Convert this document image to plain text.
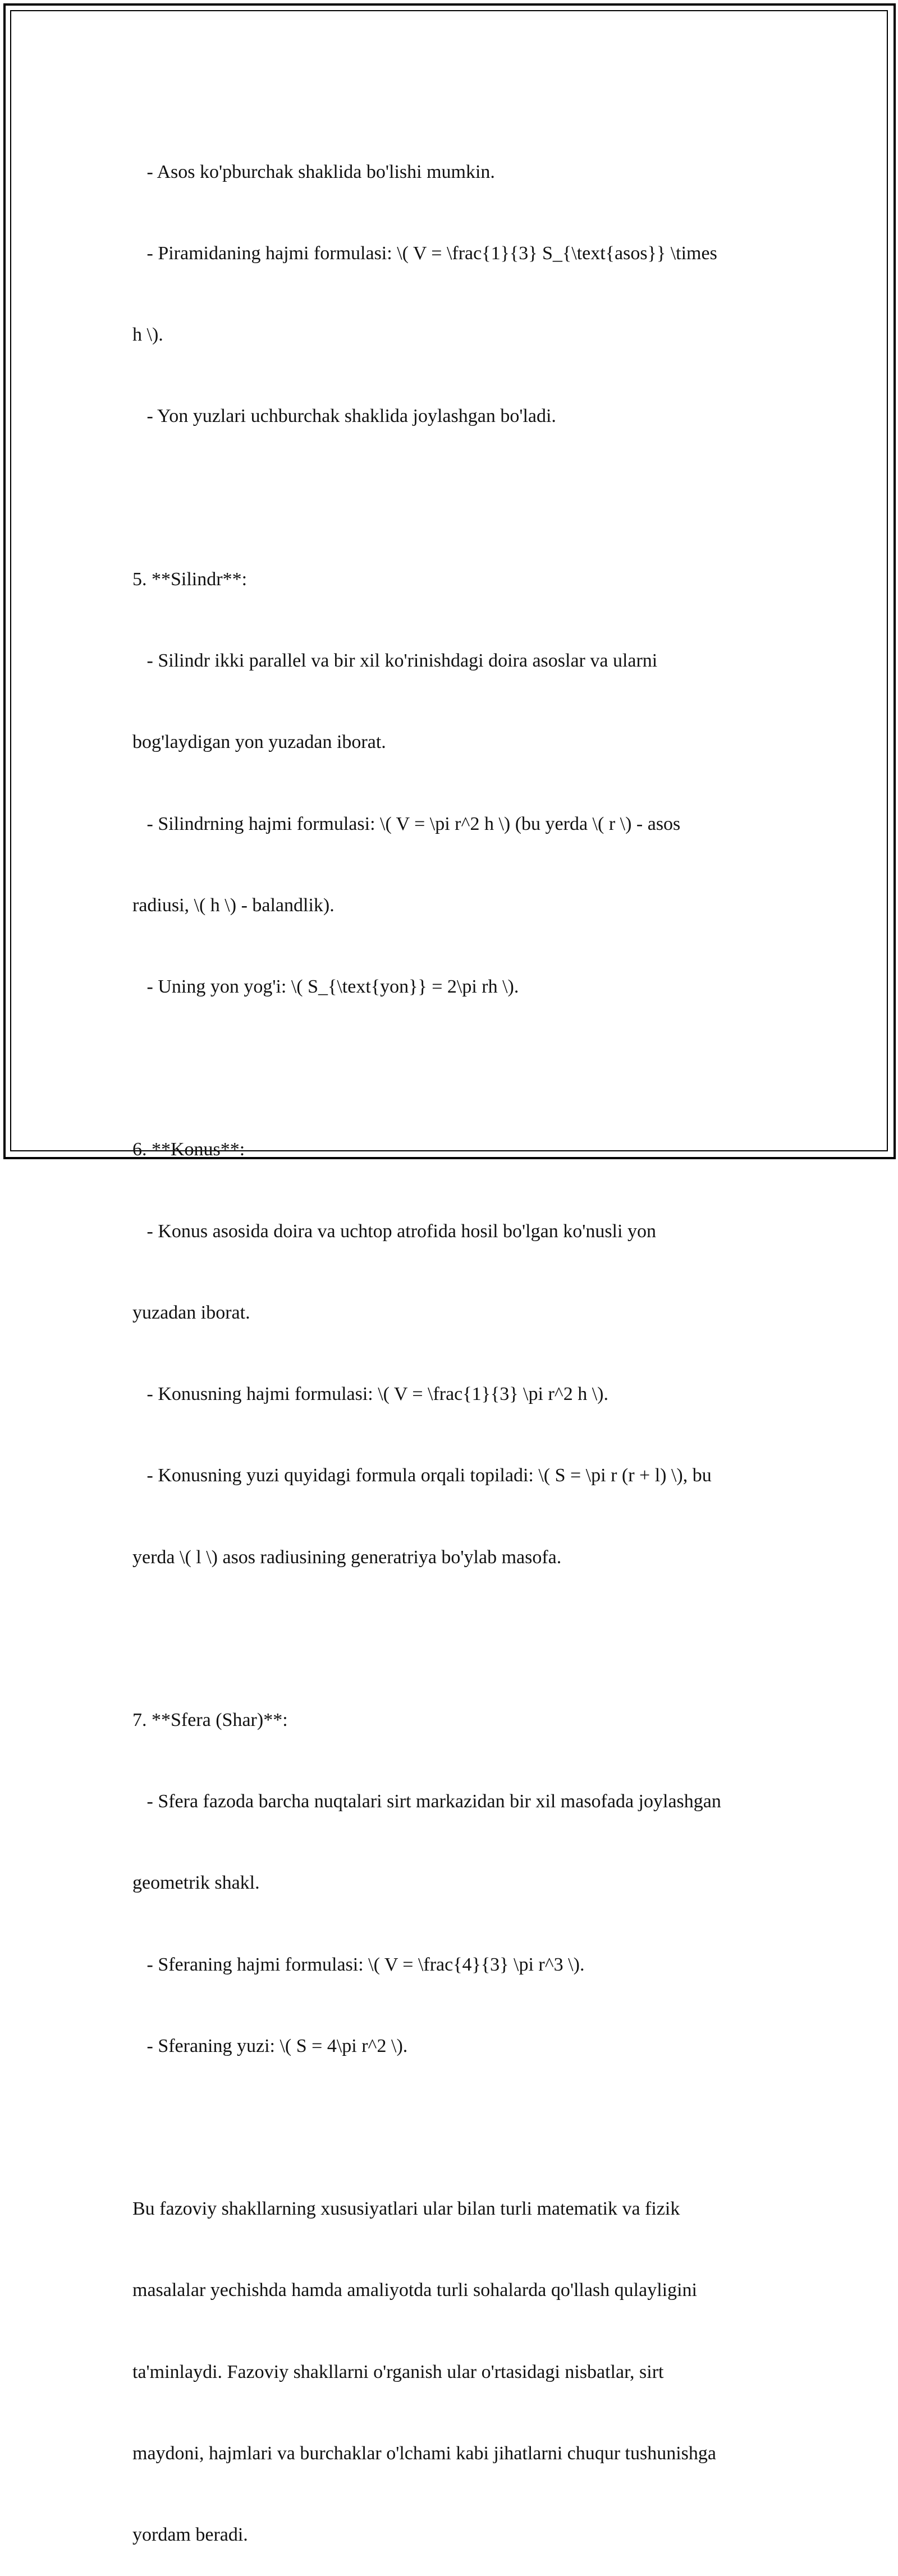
- Asos ko'pburchak shaklida bo'lishi mumkin.

- Piramidaning hajmi formulasi: \( V = \frac{1}{3} S_{\text{asos}} \times

h \).

- Yon yuzlari uchburchak shaklida joylashgan bo'ladi.

5. **Silindr**:

- Silindr ikki parallel va bir xil ko'rinishdagi doira asoslar va ularni

bog'laydigan yon yuzadan iborat.

- Silindrning hajmi formulasi: \( V = \pi r^2 h \) (bu yerda \( r \) - asos

radiusi, \( h \) - balandlik).

- Uning yon yog'i: \( S_{\text{yon}} = 2\pi rh \).

6. **Konus**:

- Konus asosida doira va uchtop atrofida hosil bo'lgan ko'nusli yon

yuzadan iborat.

- Konusning hajmi formulasi: \( V = \frac{1}{3} \pi r^2 h \).

- Konusning yuzi quyidagi formula orqali topiladi: \( S = \pi r (r + l) \), bu

yerda \( l \) asos radiusining generatriya bo'ylab masofa.

7. **Sfera (Shar)**:

- Sfera fazoda barcha nuqtalari sirt markazidan bir xil masofada joylashgan

geometrik shakl.

- Sferaning hajmi formulasi: \( V = \frac{4}{3} \pi r^3 \).

- Sferaning yuzi: \( S = 4\pi r^2 \).

Bu fazoviy shakllarning xususiyatlari ular bilan turli matematik va fizik

masalalar yechishda hamda amaliyotda turli sohalarda qo'llash qulayligini

ta'minlaydi. Fazoviy shakllarni o'rganish ular o'rtasidagi nisbatlar, sirt

maydoni, hajmlari va burchaklar o'lchami kabi jihatlarni chuqur tushunishga

yordam beradi.
